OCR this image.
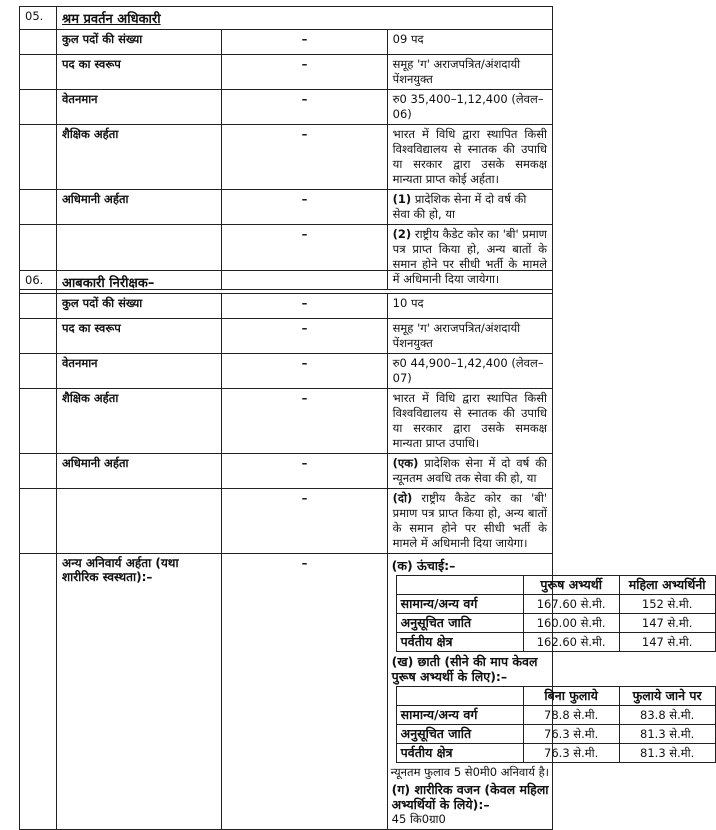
05.	श्रम प्रवर्तन अधिकारी		
	कुल पदों की संख्या	–	09 पद
	पद का स्वरूप	–	समूह 'ग' अराजपत्रित/अंशदायी पेंशनयुक्त
	वेतनमान	–	रु0 35,400–1,12,400 (लेवल–06)
	शैक्षिक अर्हता	–	भारत में विधि द्वारा स्थापित किसी विश्वविद्यालय से स्नातक की उपाधि या सरकार द्वारा उसके समकक्ष मान्यता प्राप्त कोई अर्हता।
	अधिमानी अर्हता	–	(1) प्रादेशिक सेना में दो वर्ष की सेवा की हो, या
		–	(2) राष्ट्रीय कैडेट कोर का 'बी' प्रमाण पत्र प्राप्त किया हो, अन्य बातों के समान होने पर सीधी भर्ती के मामले में अधिमानी दिया जायेगा।
06.	आबकारी निरीक्षक–
	कुल पदों की संख्या	–	10 पद
	पद का स्वरूप	–	समूह 'ग' अराजपत्रित/अंशदायी पेंशनयुक्त
	वेतनमान	–	रु0 44,900–1,42,400 (लेवल–07)
	शैक्षिक अर्हता	–	भारत में विधि द्वारा स्थापित किसी विश्वविद्यालय से स्नातक की उपाधि या सरकार द्वारा उसके समकक्ष मान्यता प्राप्त उपाधि।
	अधिमानी अर्हता	–	(एक) प्रादेशिक सेना में दो वर्ष की न्यूनतम अवधि तक सेवा की हो, या
		–	(दो) राष्ट्रीय कैडेट कोर का 'बी' प्रमाण पत्र प्राप्त किया हो, अन्य बातों के समान होने पर सीधी भर्ती के मामले में अधिमानी दिया जायेगा।
	अन्य अनिवार्य अर्हता (यथा शारीरिक स्वस्थता):–	–	(क) ऊंचाई:–
	पुरूष अभ्यर्थी	महिला अभ्यर्थिनी
सामान्य/अन्य वर्ग	167.60 से.मी.	152 से.मी.
अनुसूचित जाति	160.00 से.मी.	147 से.मी.
पर्वतीय क्षेत्र	162.60 से.मी.	147 से.मी.
(ख) छाती (सीने की माप केवल पुरूष अभ्यर्थी के लिए):–
	बिना फुलाये	फुलाये जाने पर
सामान्य/अन्य वर्ग	78.8 से.मी.	83.8 से.मी.
अनुसूचित जाति	76.3 से.मी.	81.3 से.मी.
पर्वतीय क्षेत्र	76.3 से.मी.	81.3 से.मी.
न्यूनतम फुलाव 5 से0मी0 अनिवार्य है।
(ग) शारीरिक वजन (केवल महिला अभ्यर्थियों के लिये):–
45 कि0ग्रा0
